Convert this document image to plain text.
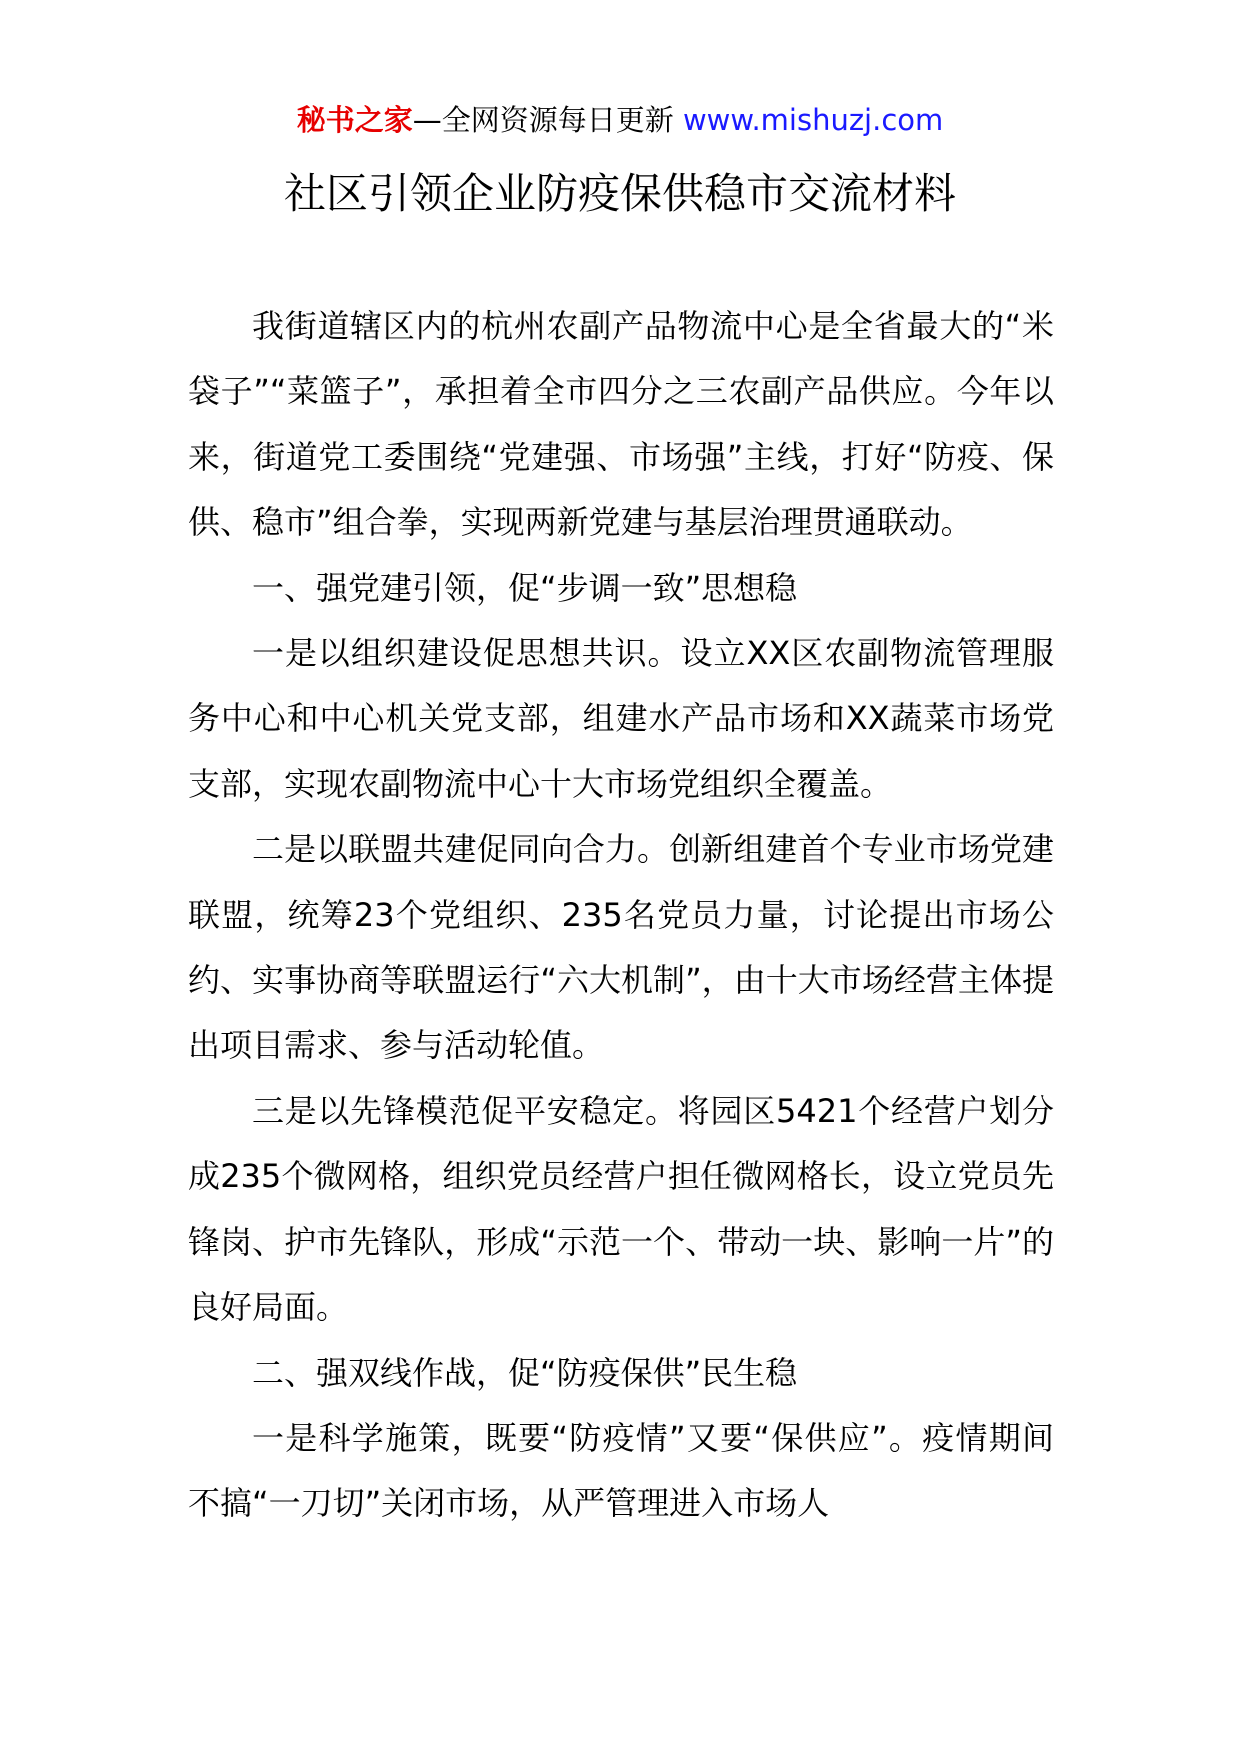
秘书之家—全网资源每日更新 www.mishuzj.com
社区引领企业防疫保供稳市交流材料

我街道辖区内的杭州农副产品物流中心是全省最大的“米袋子”“菜篮子”，承担着全市四分之三农副产品供应。今年以来，街道党工委围绕“党建强、市场强”主线，打好“防疫、保供、稳市”组合拳，实现两新党建与基层治理贯通联动。

一、强党建引领，促“步调一致”思想稳

一是以组织建设促思想共识。设立XX区农副物流管理服务中心和中心机关党支部，组建水产品市场和XX蔬菜市场党支部，实现农副物流中心十大市场党组织全覆盖。

二是以联盟共建促同向合力。创新组建首个专业市场党建联盟，统筹23个党组织、235名党员力量，讨论提出市场公约、实事协商等联盟运行“六大机制”，由十大市场经营主体提出项目需求、参与活动轮值。

三是以先锋模范促平安稳定。将园区5421个经营户划分成235个微网格，组织党员经营户担任微网格长，设立党员先锋岗、护市先锋队，形成“示范一个、带动一块、影响一片”的良好局面。

二、强双线作战，促“防疫保供”民生稳

一是科学施策，既要“防疫情”又要“保供应”。疫情期间不搞“一刀切”关闭市场，从严管理进入市场人
